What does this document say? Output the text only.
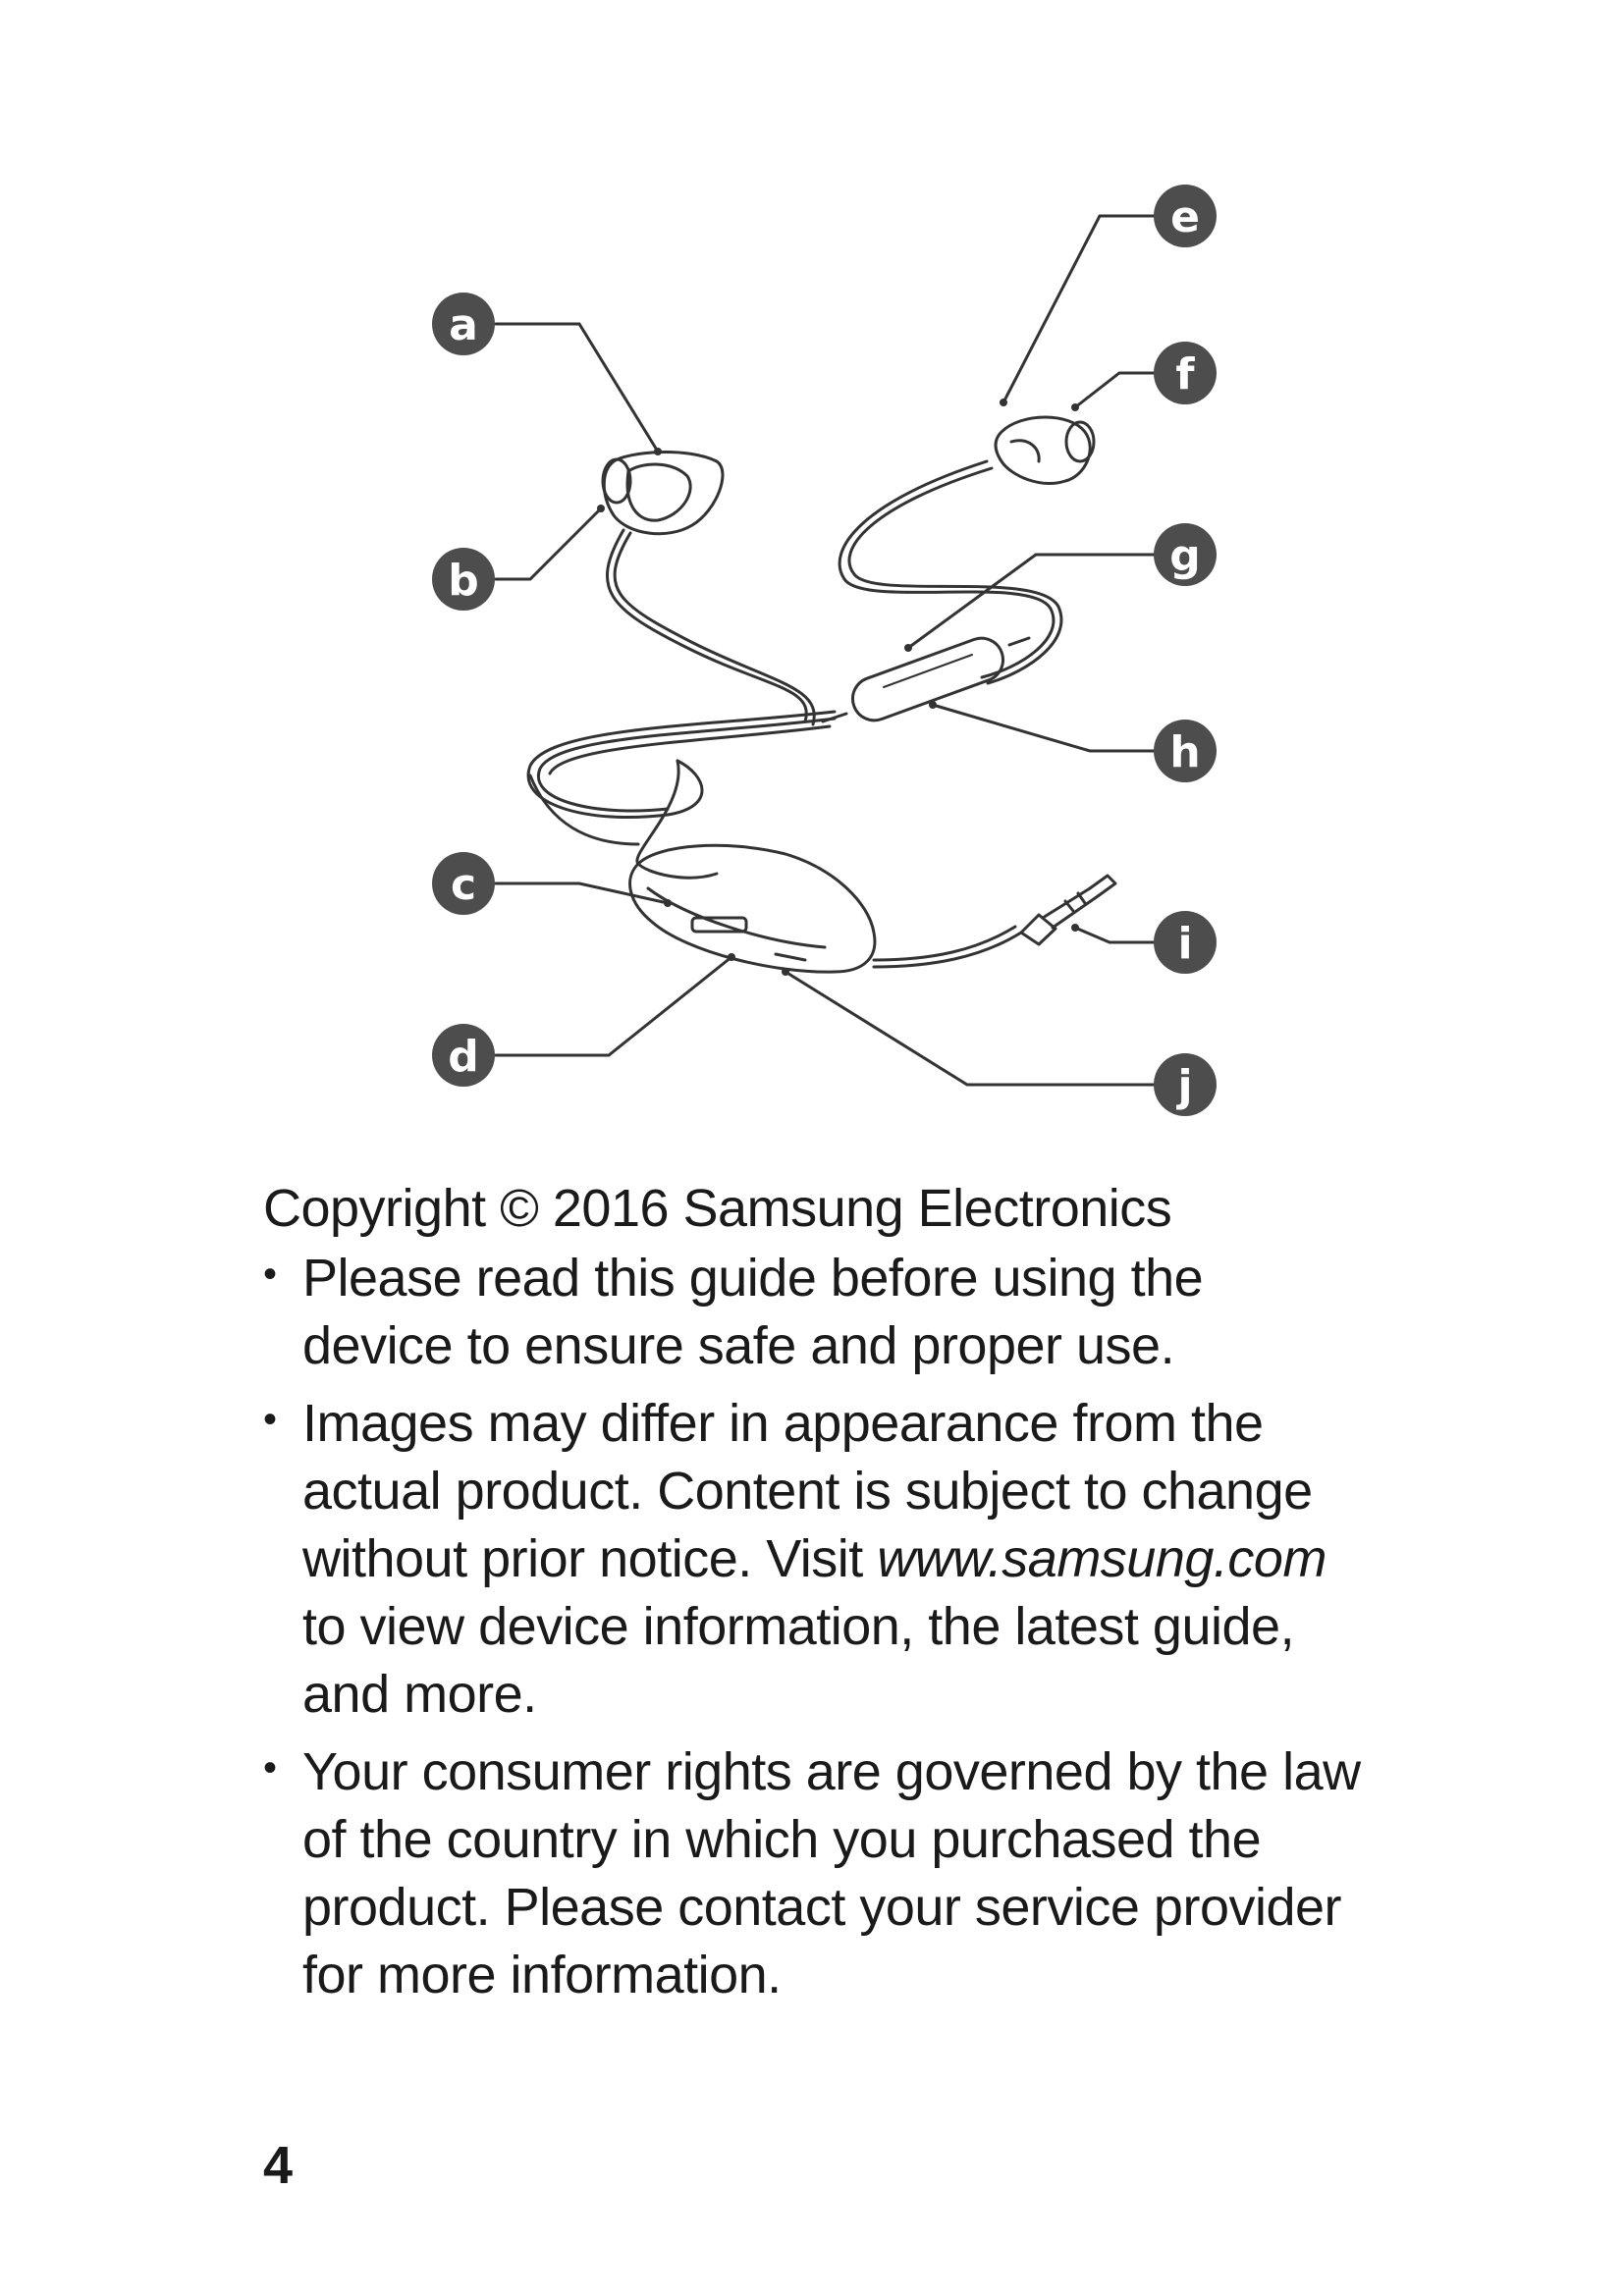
a
b
c
d
e
f
g
h
i
j

Copyright © 2016 Samsung Electronics

• Please read this guide before using the device to ensure safe and proper use.
• Images may differ in appearance from the actual product. Content is subject to change without prior notice. Visit www.samsung.com to view device information, the latest guide, and more.
• Your consumer rights are governed by the law of the country in which you purchased the product. Please contact your service provider for more information.
4
